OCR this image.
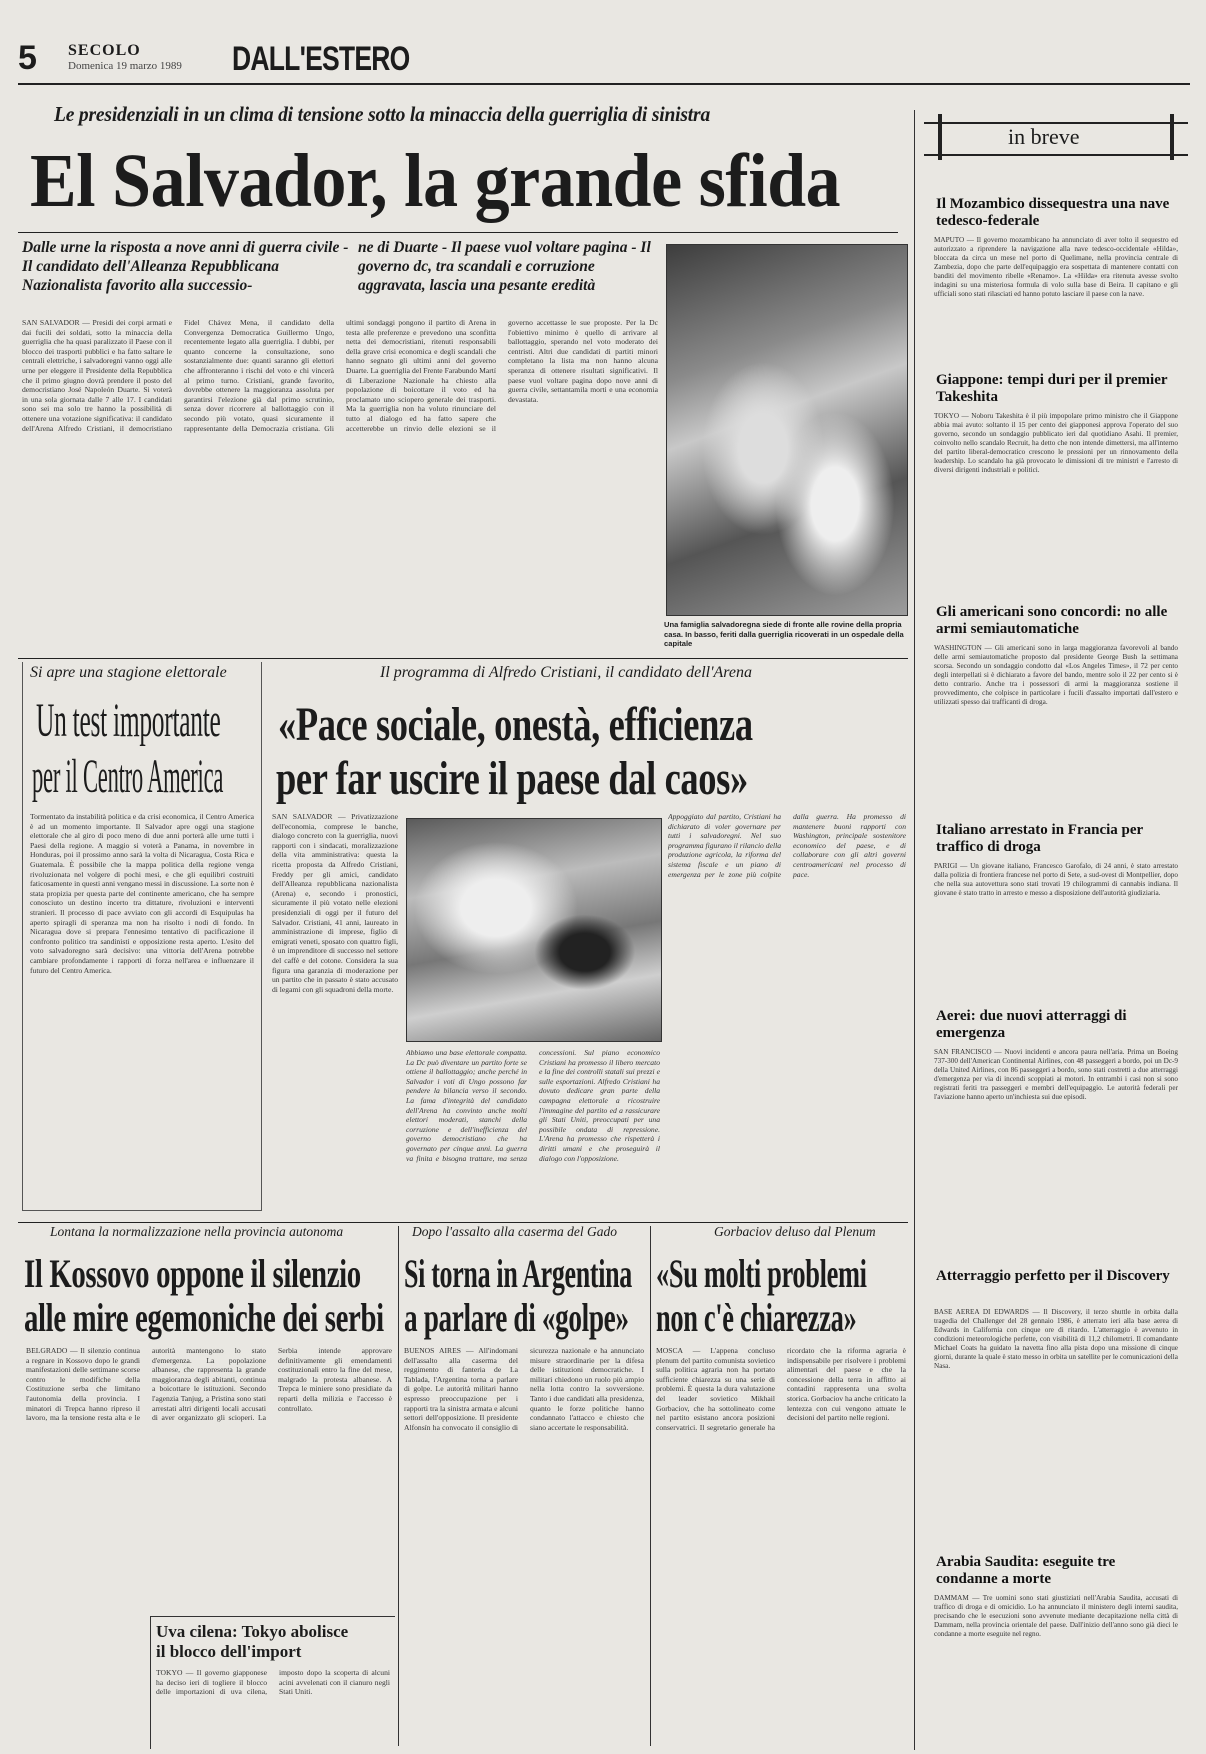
5 SECOLO
Domenica 19 marzo 1989 DALL'ESTERO
Le presidenziali in un clima di tensione sotto la minaccia della guerriglia di sinistra
El Salvador, la grande sfida
Dalle urne la risposta a nove anni di guerra civile - Il candidato dell'Alleanza Repubblicana Nazionalista favorito alla successio-
ne di Duarte - Il paese vuol voltare pagina - Il governo dc, tra scandali e corruzione aggravata, lascia una pesante eredità
SAN SALVADOR — Presidi dei corpi armati e dai fucili dei soldati, sotto la minaccia della guerriglia che ha quasi paralizzato il Paese con il blocco dei trasporti pubblici e ha fatto saltare le centrali elettriche, i salvadoregni vanno oggi alle urne per eleggere il Presidente della Repubblica che il primo giugno dovrà prendere il posto del democristiano José Napoleón Duarte. Si voterà in una sola giornata dalle 7 alle 17. I candidati sono sei ma solo tre hanno la possibilità di ottenere una votazione significativa: il candidato dell'Arena Alfredo Cristiani, il democristiano Fidel Chávez Mena, il candidato della Convergenza Democratica Guillermo Ungo, recentemente legato alla guerriglia. I dubbi, per quanto concerne la consultazione, sono sostanzialmente due: quanti saranno gli elettori che affronteranno i rischi del voto e chi vincerà al primo turno. Cristiani, grande favorito, dovrebbe ottenere la maggioranza assoluta per garantirsi l'elezione già dal primo scrutinio, senza dover ricorrere al ballottaggio con il secondo più votato, quasi sicuramente il rappresentante della Democrazia cristiana. Gli ultimi sondaggi pongono il partito di Arena in testa alle preferenze e prevedono una sconfitta netta dei democristiani, ritenuti responsabili della grave crisi economica e degli scandali che hanno segnato gli ultimi anni del governo Duarte. La guerriglia del Frente Farabundo Martí di Liberazione Nazionale ha chiesto alla popolazione di boicottare il voto ed ha proclamato uno sciopero generale dei trasporti. Ma la guerriglia non ha voluto rinunciare del tutto al dialogo ed ha fatto sapere che accetterebbe un rinvio delle elezioni se il governo accettasse le sue proposte. Per la Dc l'obiettivo minimo è quello di arrivare al ballottaggio, sperando nel voto moderato dei centristi. Altri due candidati di partiti minori completano la lista ma non hanno alcuna speranza di ottenere risultati significativi. Il paese vuol voltare pagina dopo nove anni di guerra civile, settantamila morti e una economia devastata.
Una famiglia salvadoregna siede di fronte alle rovine della propria casa. In basso, feriti dalla guerriglia ricoverati in un ospedale della capitale
in breve
Il Mozambico dissequestra una nave tedesco-federale
MAPUTO — Il governo mozambicano ha annunciato di aver tolto il sequestro ed autorizzato a riprendere la navigazione alla nave tedesco-occidentale «Hilda», bloccata da circa un mese nel porto di Quelimane, nella provincia centrale di Zambezia, dopo che parte dell'equipaggio era sospettata di mantenere contatti con banditi del movimento ribelle «Renamo». La «Hilda» era ritenuta avesse svolto indagini su una misteriosa formula di volo sulla base di Beira. Il capitano e gli ufficiali sono stati rilasciati ed hanno potuto lasciare il paese con la nave.
Giappone: tempi duri per il premier Takeshita
TOKYO — Noboru Takeshita è il più impopolare primo ministro che il Giappone abbia mai avuto: soltanto il 15 per cento dei giapponesi approva l'operato del suo governo, secondo un sondaggio pubblicato ieri dal quotidiano Asahi. Il premier, coinvolto nello scandalo Recruit, ha detto che non intende dimettersi, ma all'interno del partito liberal-democratico crescono le pressioni per un rinnovamento della leadership. Lo scandalo ha già provocato le dimissioni di tre ministri e l'arresto di diversi dirigenti industriali e politici.
Gli americani sono concordi: no alle armi semiautomatiche
WASHINGTON — Gli americani sono in larga maggioranza favorevoli al bando delle armi semiautomatiche proposto dal presidente George Bush la settimana scorsa. Secondo un sondaggio condotto dal «Los Angeles Times», il 72 per cento degli interpellati si è dichiarato a favore del bando, mentre solo il 22 per cento si è detto contrario. Anche tra i possessori di armi la maggioranza sostiene il provvedimento, che colpisce in particolare i fucili d'assalto importati dall'estero e utilizzati spesso dai trafficanti di droga.
Italiano arrestato in Francia per traffico di droga
PARIGI — Un giovane italiano, Francesco Garofalo, di 24 anni, è stato arrestato dalla polizia di frontiera francese nel porto di Sete, a sud-ovest di Montpellier, dopo che nella sua autovettura sono stati trovati 19 chilogrammi di cannabis indiana. Il giovane è stato tratto in arresto e messo a disposizione dell'autorità giudiziaria.
Aerei: due nuovi atterraggi di emergenza
SAN FRANCISCO — Nuovi incidenti e ancora paura nell'aria. Prima un Boeing 737-300 dell'American Continental Airlines, con 48 passeggeri a bordo, poi un Dc-9 della United Airlines, con 86 passeggeri a bordo, sono stati costretti a due atterraggi d'emergenza per via di incendi scoppiati ai motori. In entrambi i casi non si sono registrati feriti tra passeggeri e membri dell'equipaggio. Le autorità federali per l'aviazione hanno aperto un'inchiesta sui due episodi.
Atterraggio perfetto per il Discovery
BASE AEREA DI EDWARDS — Il Discovery, il terzo shuttle in orbita dalla tragedia del Challenger del 28 gennaio 1986, è atterrato ieri alla base aerea di Edwards in California con cinque ore di ritardo. L'atterraggio è avvenuto in condizioni meteorologiche perfette, con visibilità di 11,2 chilometri. Il comandante Michael Coats ha guidato la navetta fino alla pista dopo una missione di cinque giorni, durante la quale è stato messo in orbita un satellite per le comunicazioni della Nasa.
Arabia Saudita: eseguite tre condanne a morte
DAMMAM — Tre uomini sono stati giustiziati nell'Arabia Saudita, accusati di traffico di droga e di omicidio. Lo ha annunciato il ministero degli interni saudita, precisando che le esecuzioni sono avvenute mediante decapitazione nella città di Dammam, nella provincia orientale del paese. Dall'inizio dell'anno sono già dieci le condanne a morte eseguite nel regno.
Si apre una stagione elettorale
Un test importante
per il Centro America
Tormentato da instabilità politica e da crisi economica, il Centro America è ad un momento importante. Il Salvador apre oggi una stagione elettorale che al giro di poco meno di due anni porterà alle urne tutti i Paesi della regione. A maggio si voterà a Panama, in novembre in Honduras, poi il prossimo anno sarà la volta di Nicaragua, Costa Rica e Guatemala. È possibile che la mappa politica della regione venga rivoluzionata nel volgere di pochi mesi, e che gli equilibri costruiti faticosamente in questi anni vengano messi in discussione. La sorte non è stata propizia per questa parte del continente americano, che ha sempre conosciuto un destino incerto tra dittature, rivoluzioni e interventi stranieri. Il processo di pace avviato con gli accordi di Esquipulas ha aperto spiragli di speranza ma non ha risolto i nodi di fondo. In Nicaragua dove si prepara l'ennesimo tentativo di pacificazione il confronto politico tra sandinisti e opposizione resta aperto. L'esito del voto salvadoregno sarà decisivo: una vittoria dell'Arena potrebbe cambiare profondamente i rapporti di forza nell'area e influenzare il futuro del Centro America.
Il programma di Alfredo Cristiani, il candidato dell'Arena
«Pace sociale, onestà, efficienza
per far uscire il paese dal caos»
SAN SALVADOR — Privatizzazione dell'economia, comprese le banche, dialogo concreto con la guerriglia, nuovi rapporti con i sindacati, moralizzazione della vita amministrativa: questa la ricetta proposta da Alfredo Cristiani, Freddy per gli amici, candidato dell'Alleanza repubblicana nazionalista (Arena) e, secondo i pronostici, sicuramente il più votato nelle elezioni presidenziali di oggi per il futuro del Salvador. Cristiani, 41 anni, laureato in amministrazione di imprese, figlio di emigrati veneti, sposato con quattro figli, è un imprenditore di successo nel settore del caffè e del cotone. Considera la sua figura una garanzia di moderazione per un partito che in passato è stato accusato di legami con gli squadroni della morte.
Abbiamo una base elettorale compatta. La Dc può diventare un partito forte se ottiene il ballottaggio; anche perché in Salvador i voti di Ungo possono far pendere la bilancia verso il secondo. La fama d'integrità del candidato dell'Arena ha convinto anche molti elettori moderati, stanchi della corruzione e dell'inefficienza del governo democristiano che ha governato per cinque anni. La guerra va finita e bisogna trattare, ma senza concessioni. Sul piano economico Cristiani ha promesso il libero mercato e la fine dei controlli statali sui prezzi e sulle esportazioni. Alfredo Cristiani ha dovuto dedicare gran parte della campagna elettorale a ricostruire l'immagine del partito ed a rassicurare gli Stati Uniti, preoccupati per una possibile ondata di repressione. L'Arena ha promesso che rispetterà i diritti umani e che proseguirà il dialogo con l'opposizione.
Appoggiato dal partito, Cristiani ha dichiarato di voler governare per tutti i salvadoregni. Nel suo programma figurano il rilancio della produzione agricola, la riforma del sistema fiscale e un piano di emergenza per le zone più colpite dalla guerra. Ha promesso di mantenere buoni rapporti con Washington, principale sostenitore economico del paese, e di collaborare con gli altri governi centroamericani nel processo di pace.
Lontana la normalizzazione nella provincia autonoma
Il Kossovo oppone il silenzio
alle mire egemoniche dei serbi
BELGRADO — Il silenzio continua a regnare in Kossovo dopo le grandi manifestazioni delle settimane scorse contro le modifiche della Costituzione serba che limitano l'autonomia della provincia. I minatori di Trepca hanno ripreso il lavoro, ma la tensione resta alta e le autorità mantengono lo stato d'emergenza. La popolazione albanese, che rappresenta la grande maggioranza degli abitanti, continua a boicottare le istituzioni. Secondo l'agenzia Tanjug, a Pristina sono stati arrestati altri dirigenti locali accusati di aver organizzato gli scioperi. La Serbia intende approvare definitivamente gli emendamenti costituzionali entro la fine del mese, malgrado la protesta albanese. A Trepca le miniere sono presidiate da reparti della milizia e l'accesso è controllato.
Dopo l'assalto alla caserma del Gado
Si torna in Argentina
a parlare di «golpe»
BUENOS AIRES — All'indomani dell'assalto alla caserma del reggimento di fanteria de La Tablada, l'Argentina torna a parlare di golpe. Le autorità militari hanno espresso preoccupazione per i rapporti tra la sinistra armata e alcuni settori dell'opposizione. Il presidente Alfonsín ha convocato il consiglio di sicurezza nazionale e ha annunciato misure straordinarie per la difesa delle istituzioni democratiche. I militari chiedono un ruolo più ampio nella lotta contro la sovversione. Tanto i due candidati alla presidenza, quanto le forze politiche hanno condannato l'attacco e chiesto che siano accertate le responsabilità.
Gorbaciov deluso dal Plenum
«Su molti problemi
non c'è chiarezza»
MOSCA — L'appena concluso plenum del partito comunista sovietico sulla politica agraria non ha portato sufficiente chiarezza su una serie di problemi. È questa la dura valutazione del leader sovietico Mikhail Gorbaciov, che ha sottolineato come nel partito esistano ancora posizioni conservatrici. Il segretario generale ha ricordato che la riforma agraria è indispensabile per risolvere i problemi alimentari del paese e che la concessione della terra in affitto ai contadini rappresenta una svolta storica. Gorbaciov ha anche criticato la lentezza con cui vengono attuate le decisioni del partito nelle regioni.
Uva cilena: Tokyo abolisce
il blocco dell'import
TOKYO — Il governo giapponese ha deciso ieri di togliere il blocco delle importazioni di uva cilena, imposto dopo la scoperta di alcuni acini avvelenati con il cianuro negli Stati Uniti.
